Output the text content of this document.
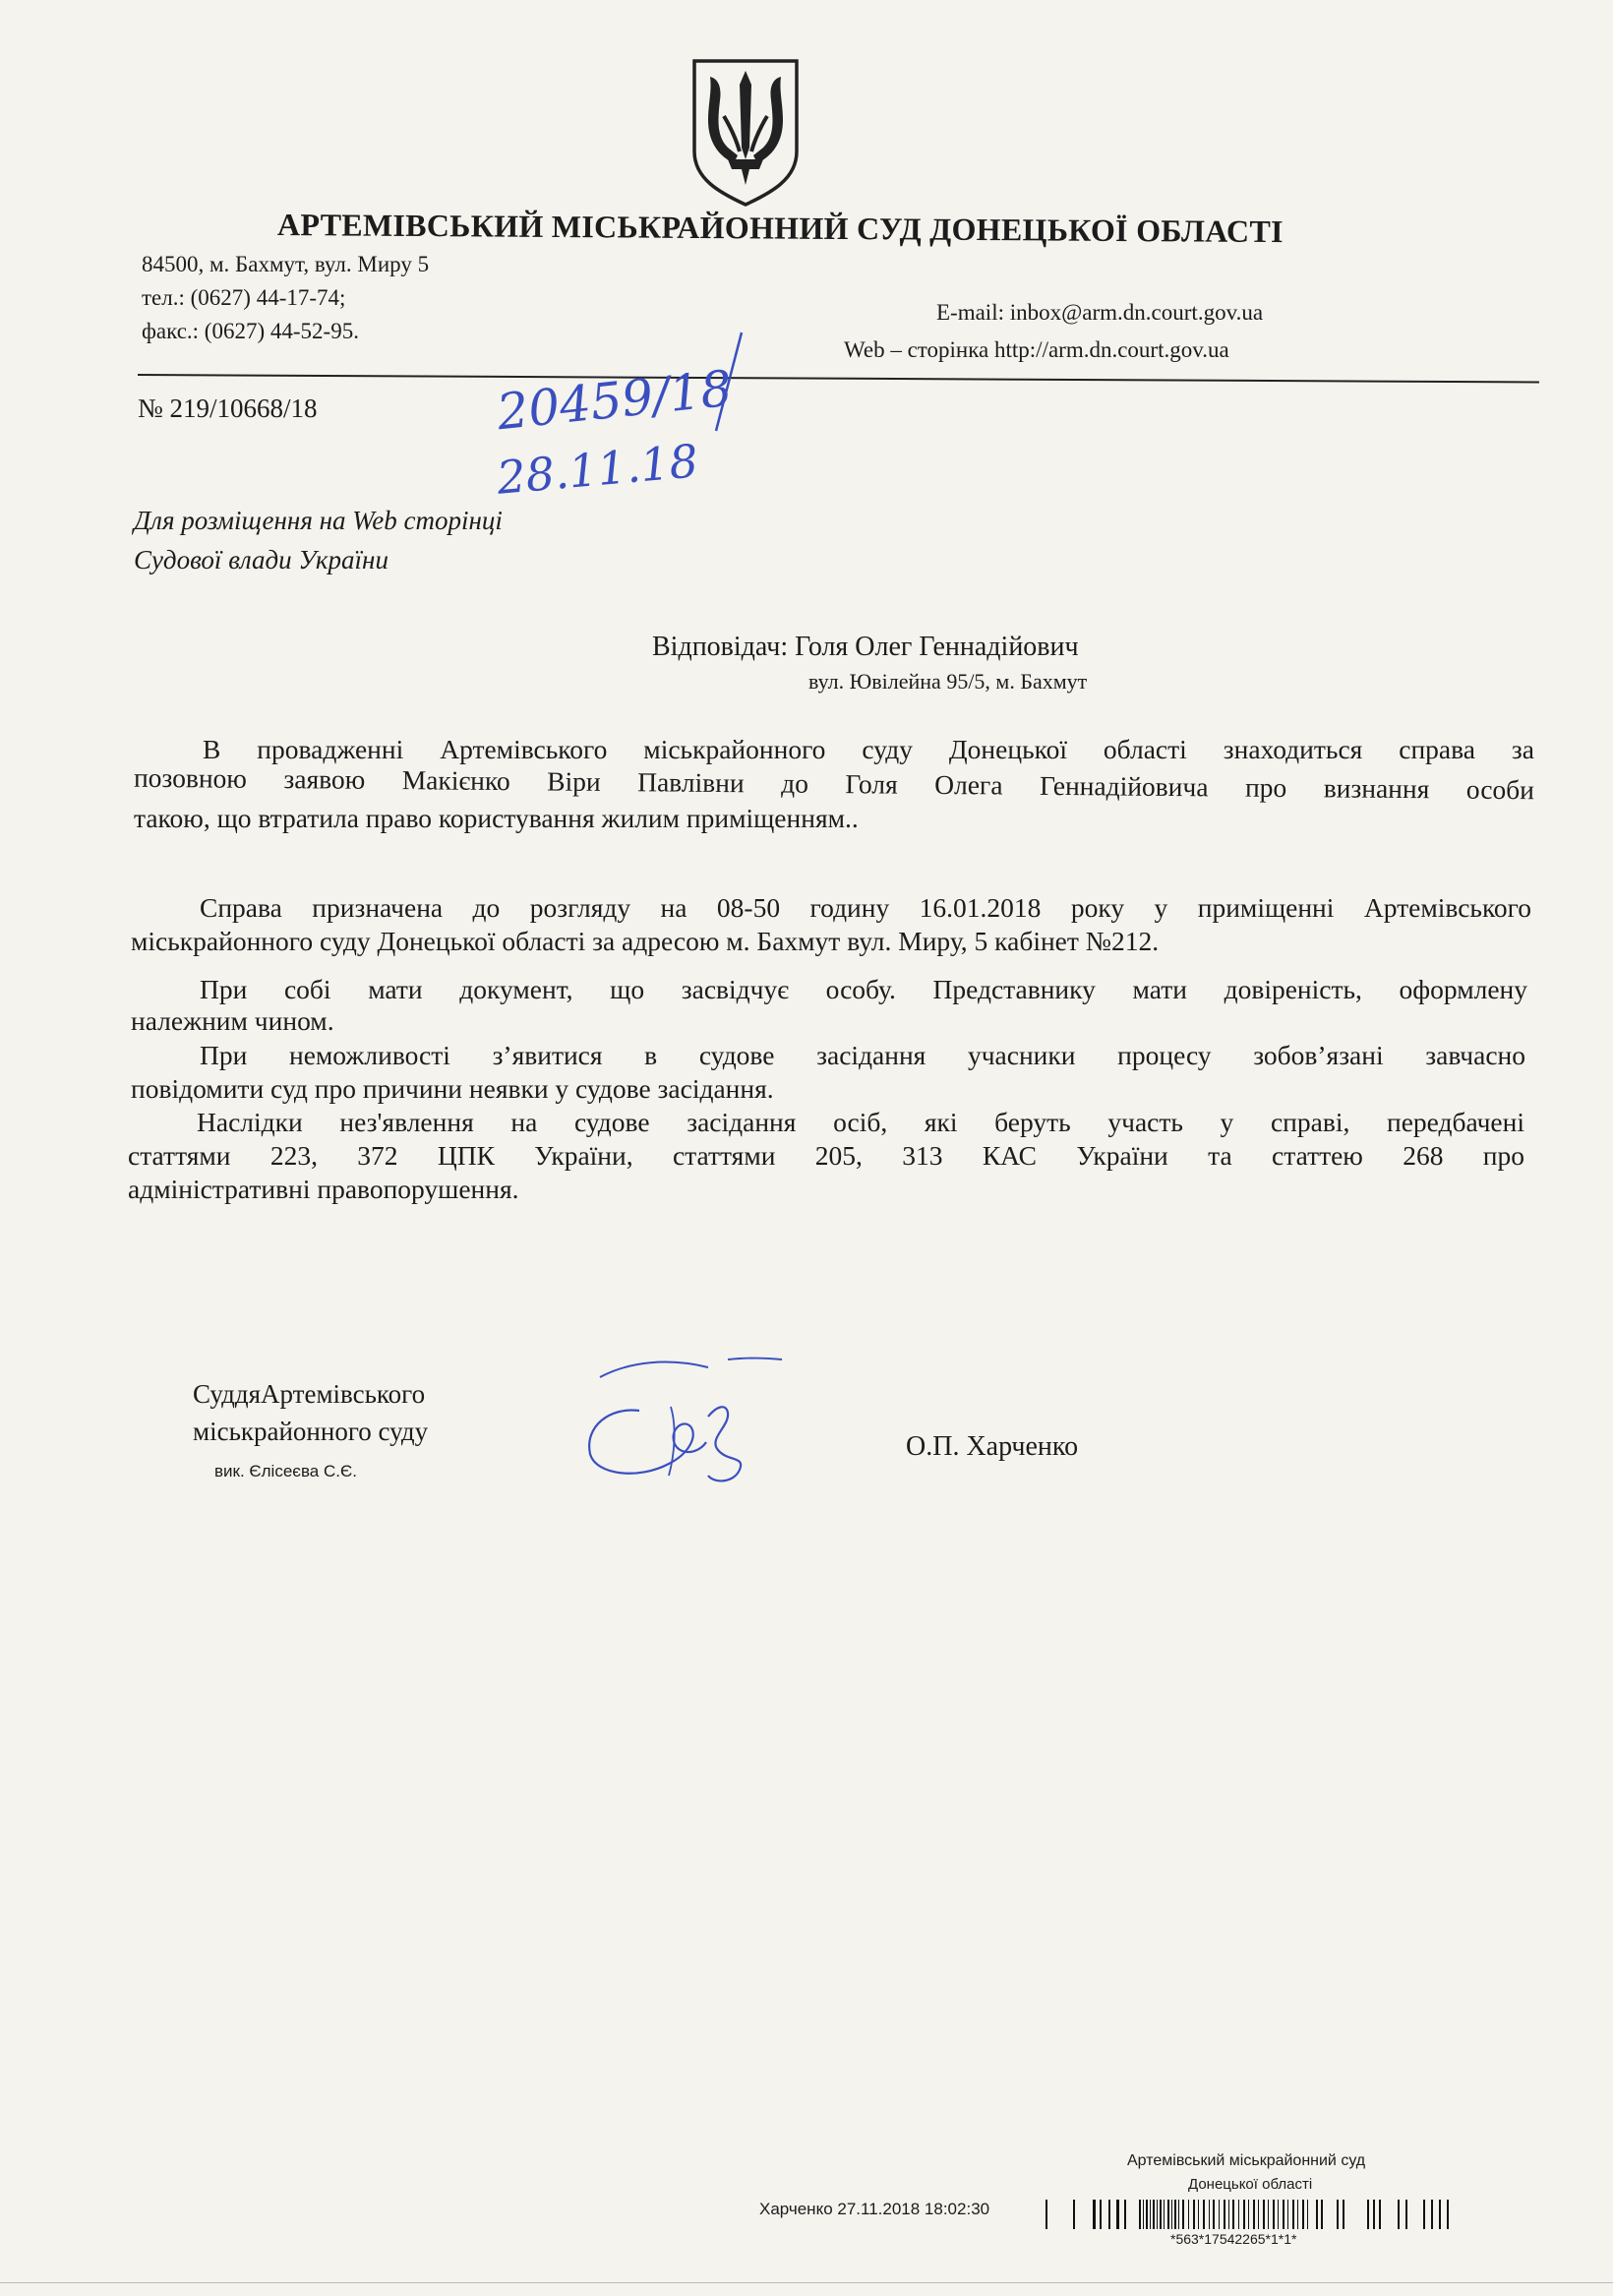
АРТЕМІВСЬКИЙ МІСЬКРАЙОННИЙ СУД ДОНЕЦЬКОЇ ОБЛАСТІ
84500, м. Бахмут, вул. Миру 5
тел.: (0627) 44-17-74;
факс.: (0627) 44-52-95.
E-mail: inbox@arm.dn.court.gov.ua
Web – сторінка http://arm.dn.court.gov.ua
№ 219/10668/18	20459/18
28.11.18
Для розміщення на Web сторінці
Судової влади України
Відповідач: Голя Олег Геннадійович
вул. Ювілейна 95/5, м. Бахмут
В провадженні Артемівського міськрайонного суду Донецької області знаходиться справа за
позовною заявою Макієнко Віри Павлівни до Голя Олега Геннадійовича про визнання особи
такою, що втратила право користування жилим приміщенням..
Справа призначена до розгляду на 08-50 годину 16.01.2018 року у приміщенні Артемівського
міськрайонного суду Донецької області за адресою м. Бахмут вул. Миру, 5 кабінет №212.
При собі мати документ, що засвідчує особу. Представнику мати довіреність, оформлену
належним чином.
При неможливості з’явитися в судове засідання учасники процесу зобов’язані завчасно
повідомити суд про причини неявки у судове засідання.
Наслідки нез'явлення на судове засідання осіб, які беруть участь у справі, передбачені
статтями 223, 372 ЦПК України, статтями 205, 313 КАС України та статтею 268 про
адміністративні правопорушення.
СуддяАртемівського
міськрайонного суду
вик. Єлісеєва С.Є.
О.П. Харченко
Артемівський міськрайонний суд
Донецької області
Харченко 27.11.2018 18:02:30
*563*17542265*1*1*
